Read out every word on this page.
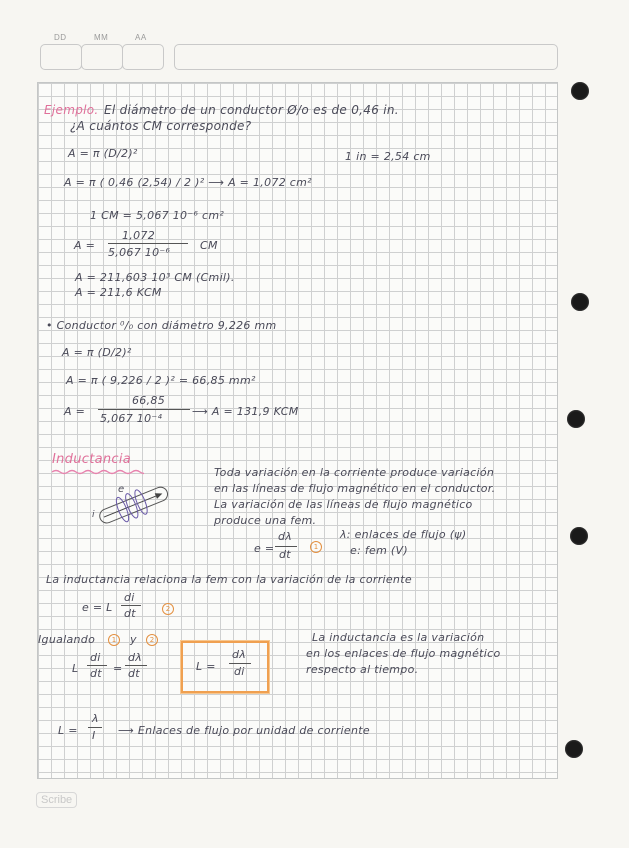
DD	MM	AA
Ejemplo. El diámetro de un conductor Ø/o es de 0,46 in.
¿A cuántos CM corresponde?
A = π (D/2)²	1 in = 2,54 cm
A = π ( 0,46 (2,54) / 2 )² ⟶ A = 1,072 cm²
1 CM = 5,067 10⁻⁶ cm²
A =
1,072
5,067 10⁻⁶
CM
A = 211,603 10³ CM (Cmil).
A = 211,6 KCM
• Conductor ⁰/₀ con diámetro 9,226 mm
A = π (D/2)²
A = π ( 9,226 / 2 )² = 66,85 mm²
A =
66,85
5,067 10⁻⁴
⟶ A = 131,9 KCM
Inductancia
Toda variación en la corriente produce variación
en las líneas de flujo magnético en el conductor.
La variación de las líneas de flujo magnético
produce una fem.
e
i
e =
dλ
dt
1
λ: enlaces de flujo (ψ)
e: fem (V)
La inductancia relaciona la fem con la variación de la corriente
e = L
di
dt	2
Igualando	1	y	2
L
di
dt =
dλ
dt
L =
dλ
di
La inductancia es la variación
en los enlaces de flujo magnético
respecto al tiempo.
L =
λ
I ⟶ Enlaces de flujo por unidad de corriente
Scribe
